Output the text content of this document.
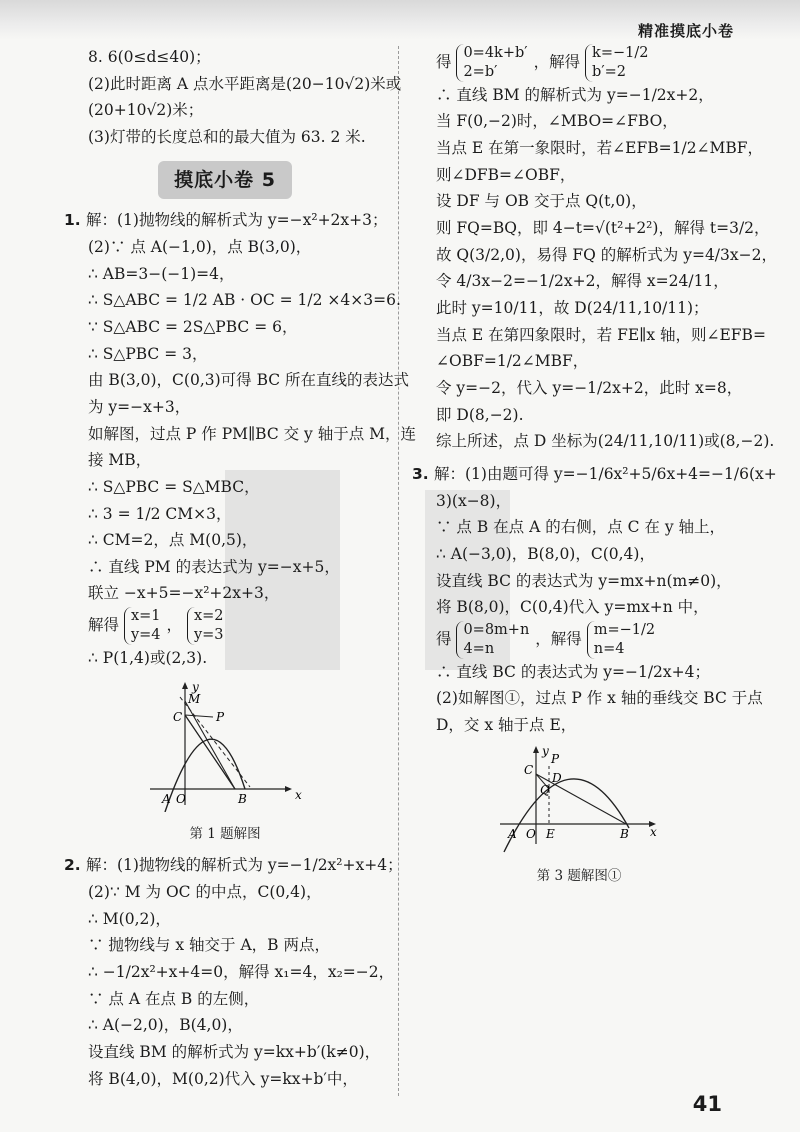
精准摸底小卷
8. 6(0≤d≤40)；
(2)此时距离 A 点水平距离是(20−10√2)米或
(20+10√2)米；
(3)灯带的长度总和的最大值为 63. 2 米.
摸底小卷 5
1. 解：(1)抛物线的解析式为 y=−x²+2x+3；
(2)∵ 点 A(−1,0)，点 B(3,0)，
∴ AB=3−(−1)=4，
∴ S△ABC = 1/2 AB · OC = 1/2 ×4×3=6.
∵ S△ABC = 2S△PBC = 6，
∴ S△PBC = 3，
由 B(3,0)，C(0,3)可得 BC 所在直线的表达式
为 y=−x+3，
如解图，过点 P 作 PM∥BC 交 y 轴于点 M，连
接 MB，
∴ S△PBC = S△MBC，
∴ 3 = 1/2 CM×3，
∴ CM=2，点 M(0,5)，
∴ 直线 PM 的表达式为 y=−x+5，
联立 −x+5=−x²+2x+3，
解得 x=1
y=4， x=2
y=3
∴ P(1,4)或(2,3).
y
x
M
C	P
A O	B
第 1 题解图
2. 解：(1)抛物线的解析式为 y=−1/2x²+x+4；
(2)∵ M 为 OC 的中点，C(0,4)，
∴ M(0,2)，
∵ 抛物线与 x 轴交于 A，B 两点，
∴ −1/2x²+x+4=0，解得 x₁=4，x₂=−2，
∵ 点 A 在点 B 的左侧，
∴ A(−2,0)，B(4,0)，
设直线 BM 的解析式为 y=kx+b′(k≠0)，
将 B(4,0)，M(0,2)代入 y=kx+b′中，
得 0=4k+b′
2=b′，解得 k=−1/2
b′=2
∴ 直线 BM 的解析式为 y=−1/2x+2，
当 F(0,−2)时，∠MBO=∠FBO，
当点 E 在第一象限时，若∠EFB=1/2∠MBF，
则∠DFB=∠OBF，
设 DF 与 OB 交于点 Q(t,0)，
则 FQ=BQ，即 4−t=√(t²+2²)，解得 t=3/2，
故 Q(3/2,0)，易得 FQ 的解析式为 y=4/3x−2，
令 4/3x−2=−1/2x+2，解得 x=24/11，
此时 y=10/11，故 D(24/11,10/11)；
当点 E 在第四象限时，若 FE∥x 轴，则∠EFB=
∠OBF=1/2∠MBF，
令 y=−2，代入 y=−1/2x+2，此时 x=8，
即 D(8,−2).
综上所述，点 D 坐标为(24/11,10/11)或(8,−2).
3. 解：(1)由题可得 y=−1/6x²+5/6x+4=−1/6(x+
3)(x−8)，
∵ 点 B 在点 A 的右侧，点 C 在 y 轴上，
∴ A(−3,0)，B(8,0)，C(0,4)，
设直线 BC 的表达式为 y=mx+n(m≠0)，
将 B(8,0)，C(0,4)代入 y=mx+n 中，
得 0=8m+n
4=n，解得 m=−1/2
n=4
∴ 直线 BC 的表达式为 y=−1/2x+4；
(2)如解图①，过点 P 作 x 轴的垂线交 BC 于点
D，交 x 轴于点 E，
y
x
C
P
D
Q
A O E	B
第 3 题解图①
41
